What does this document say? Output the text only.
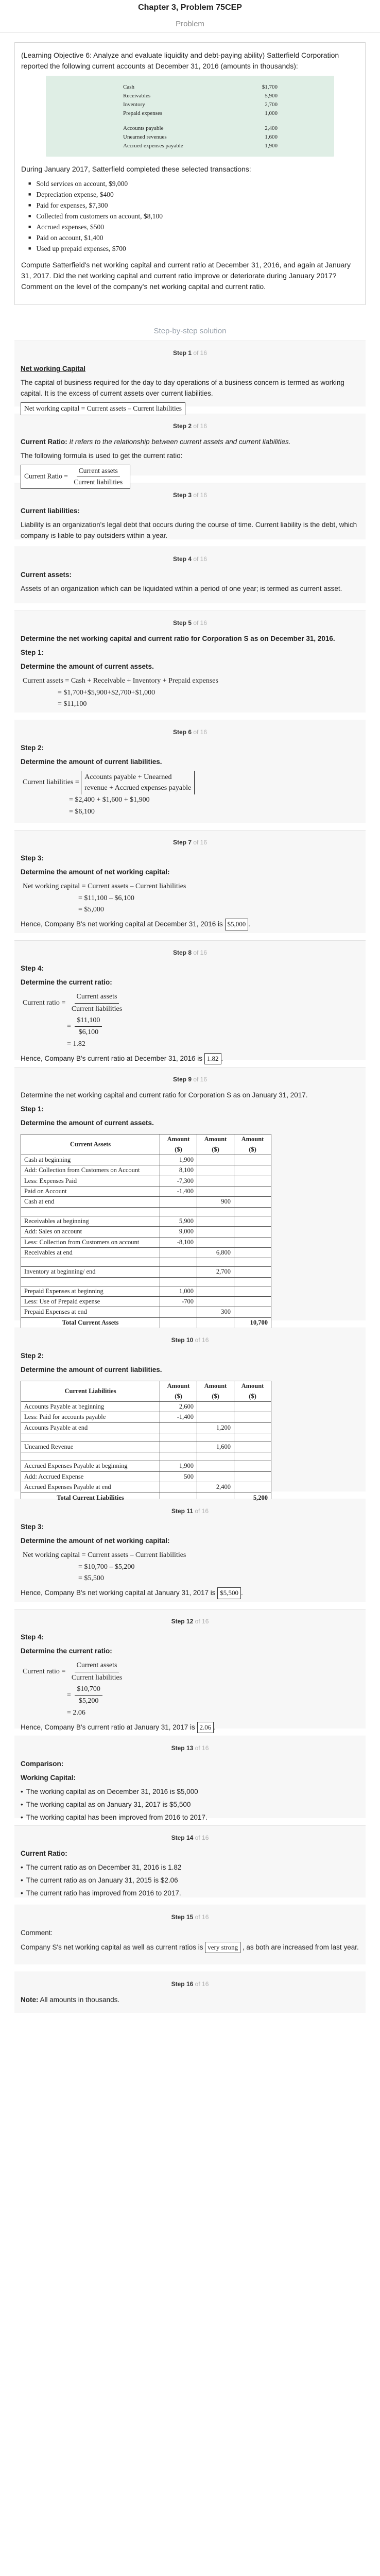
Chapter 3, Problem 75CEP
Problem

(Learning Objective 6: Analyze and evaluate liquidity and debt-paying ability) Satterfield Corporation reported the following current accounts at December 31, 2016 (amounts in thousands):

Cash	$1,700
Receivables	5,900
Inventory	2,700
Prepaid expenses	1,000
Accounts payable	2,400
Unearned revenues	1,600
Accrued expenses payable	1,900

During January 2017, Satterfield completed these selected transactions:

■ Sold services on account, $9,000
■ Depreciation expense, $400
■ Paid for expenses, $7,300
■ Collected from customers on account, $8,100
■ Accrued expenses, $500
■ Paid on account, $1,400
■ Used up prepaid expenses, $700

Compute Satterfield's net working capital and current ratio at December 31, 2016, and again at January 31, 2017. Did the net working capital and current ratio improve or deteriorate during January 2017? Comment on the level of the company's net working capital and current ratio.

Step-by-step solution
Step 1 of 16

Net working Capital

The capital of business required for the day to day operations of a business concern is termed as working capital. It is the excess of current assets over current liabilities.

Net working capital = Current assets – Current liabilities
Step 2 of 16

Current Ratio: It refers to the relationship between current assets and current liabilities.

The following formula is used to get the current ratio:

Current Ratio = $\frac{\text{Current assets}}{\text{Current liabilities}}$
Step 3 of 16

Current liabilities:

Liability is an organization's legal debt that occurs during the course of time. Current liability is the debt, which company is liable to pay outsiders within a year.

Step 4 of 16

Current assets:

Assets of an organization which can be liquidated within a period of one year; is termed as current asset.

Step 5 of 16

Determine the net working capital and current ratio for Corporation S as on December 31, 2016.

Step 1:

Determine the amount of current assets.

Current assets = Cash + Receivable + Inventory + Prepaid expenses
= $1,700+$5,900+$2,700+$1,000
= $11,100
Step 6 of 16

Step 2:

Determine the amount of current liabilities.

Current liabilities =
Accounts payable + Unearned
revenue + Accrued expenses payable
= $2,400 + $1,600 + $1,900
= $6,100
Step 7 of 16

Step 3:

Determine the amount of net working capital:

Net working capital = Current assets – Current liabilities
= $11,100 – $6,100
= $5,000

Hence, Company B's net working capital at December 31, 2016 is $5,000 .

Step 8 of 16

Step 4:

Determine the current ratio:

Current ratio = $\frac{\text{Current assets}}{\text{Current liabilities}}$
= $\frac{\$11,100}{\$6,100}$
= 1.82

Hence, Company B's current ratio at December 31, 2016 is 1.82 .

Step 9 of 16

Determine the net working capital and current ratio for Corporation S as on January 31, 2017.

Step 1:

Determine the amount of current assets.

Current Assets	Amount ($)	Amount ($)	Amount ($)
Cash at beginning	1,900		
Add: Collection from Customers on Account	8,100		
Less: Expenses Paid	-7,300		
Paid on Account	-1,400		
Cash at end		900	

Receivables at beginning	5,900		
Add: Sales on account	9,000		
Less: Collection from Customers on account	-8,100		
Receivables at end		6,800	

Inventory at beginning/ end		2,700	

Prepaid Expenses at beginning	1,000		
Less: Use of Prepaid expense	-700		
Prepaid Expenses at end		300	
Total Current Assets			10,700
Step 10 of 16

Step 2:

Determine the amount of current liabilities.

Current Liabilities	Amount ($)	Amount ($)	Amount ($)
Accounts Payable at beginning	2,600		
Less: Paid for accounts payable	-1,400		
Accounts Payable at end		1,200	

Unearned Revenue		1,600	

Accrued Expenses Payable at beginning	1,900		
Add: Accrued Expense	500		
Accrued Expenses Payable at end		2,400	
Total Current Liabilities			5,200
Step 11 of 16

Step 3:

Determine the amount of net working capital:

Net working capital = Current assets – Current liabilities
= $10,700 – $5,200
= $5,500

Hence, Company B's net working capital at January 31, 2017 is $5,500 .

Step 12 of 16

Step 4:

Determine the current ratio:

Current ratio = $\frac{\text{Current assets}}{\text{Current liabilities}}$
= $\frac{\$10,700}{\$5,200}$
= 2.06

Hence, Company B's current ratio at January 31, 2017 is 2.06 .

Step 13 of 16

Comparison:

Working Capital:

• The working capital as on December 31, 2016 is $5,000
• The working capital as on January 31, 2017 is $5,500
• The working capital has been improved from 2016 to 2017.
Step 14 of 16

Current Ratio:

• The current ratio as on December 31, 2016 is 1.82
• The current ratio as on January 31, 2015 is $2.06
• The current ratio has improved from 2016 to 2017.
Step 15 of 16

Comment:

Company S's net working capital as well as current ratios is very strong , as both are increased from last year.

Step 16 of 16

Note: All amounts in thousands.
